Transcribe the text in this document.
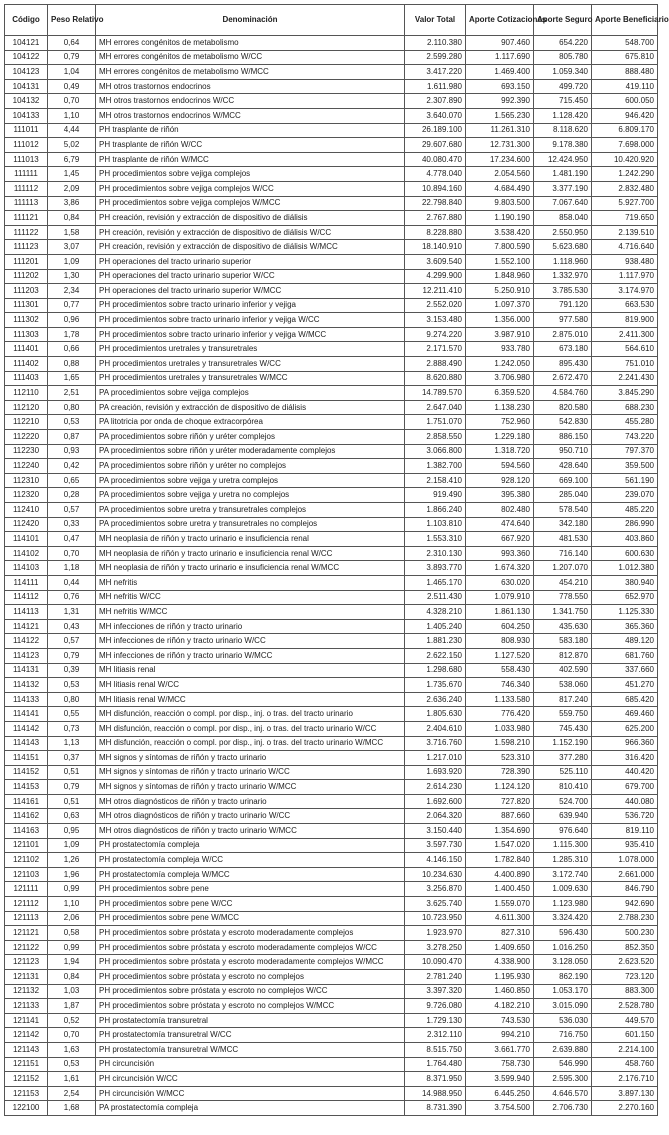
Código	Peso Relativo	Denominación	Valor Total	Aporte Cotizaciones	Aporte Seguro	Aporte Beneficiario
104121	0,64	MH errores congénitos de metabolismo	2.110.380	907.460	654.220	548.700
104122	0,79	MH errores congénitos de metabolismo W/CC	2.599.280	1.117.690	805.780	675.810
104123	1,04	MH errores congénitos de metabolismo W/MCC	3.417.220	1.469.400	1.059.340	888.480
104131	0,49	MH otros trastornos endocrinos	1.611.980	693.150	499.720	419.110
104132	0,70	MH otros trastornos endocrinos W/CC	2.307.890	992.390	715.450	600.050
104133	1,10	MH otros trastornos endocrinos W/MCC	3.640.070	1.565.230	1.128.420	946.420
111011	4,44	PH trasplante de riñón	26.189.100	11.261.310	8.118.620	6.809.170
111012	5,02	PH trasplante de riñón W/CC	29.607.680	12.731.300	9.178.380	7.698.000
111013	6,79	PH trasplante de riñón W/MCC	40.080.470	17.234.600	12.424.950	10.420.920
111111	1,45	PH procedimientos sobre vejiga complejos	4.778.040	2.054.560	1.481.190	1.242.290
111112	2,09	PH procedimientos sobre vejiga complejos W/CC	10.894.160	4.684.490	3.377.190	2.832.480
111113	3,86	PH procedimientos sobre vejiga complejos W/MCC	22.798.840	9.803.500	7.067.640	5.927.700
111121	0,84	PH creación, revisión y extracción de dispositivo de diálisis	2.767.880	1.190.190	858.040	719.650
111122	1,58	PH creación, revisión y extracción de dispositivo de diálisis W/CC	8.228.880	3.538.420	2.550.950	2.139.510
111123	3,07	PH creación, revisión y extracción de dispositivo de diálisis W/MCC	18.140.910	7.800.590	5.623.680	4.716.640
111201	1,09	PH operaciones del tracto urinario superior	3.609.540	1.552.100	1.118.960	938.480
111202	1,30	PH operaciones del tracto urinario superior W/CC	4.299.900	1.848.960	1.332.970	1.117.970
111203	2,34	PH operaciones del tracto urinario superior W/MCC	12.211.410	5.250.910	3.785.530	3.174.970
111301	0,77	PH procedimientos sobre tracto urinario inferior y vejiga	2.552.020	1.097.370	791.120	663.530
111302	0,96	PH procedimientos sobre tracto urinario inferior y vejiga W/CC	3.153.480	1.356.000	977.580	819.900
111303	1,78	PH procedimientos sobre tracto urinario inferior y vejiga W/MCC	9.274.220	3.987.910	2.875.010	2.411.300
111401	0,66	PH procedimientos uretrales y transuretrales	2.171.570	933.780	673.180	564.610
111402	0,88	PH procedimientos uretrales y transuretrales W/CC	2.888.490	1.242.050	895.430	751.010
111403	1,65	PH procedimientos uretrales y transuretrales W/MCC	8.620.880	3.706.980	2.672.470	2.241.430
112110	2,51	PA procedimientos sobre vejiga complejos	14.789.570	6.359.520	4.584.760	3.845.290
112120	0,80	PA creación, revisión y extracción de dispositivo de diálisis	2.647.040	1.138.230	820.580	688.230
112210	0,53	PA litotricia por onda de choque extracorpórea	1.751.070	752.960	542.830	455.280
112220	0,87	PA procedimientos sobre riñón y uréter complejos	2.858.550	1.229.180	886.150	743.220
112230	0,93	PA procedimientos sobre riñón y uréter moderadamente complejos	3.066.800	1.318.720	950.710	797.370
112240	0,42	PA procedimientos sobre riñón y uréter no complejos	1.382.700	594.560	428.640	359.500
112310	0,65	PA procedimientos sobre vejiga y uretra complejos	2.158.410	928.120	669.100	561.190
112320	0,28	PA procedimientos sobre vejiga y uretra no complejos	919.490	395.380	285.040	239.070
112410	0,57	PA procedimientos sobre uretra y transuretrales complejos	1.866.240	802.480	578.540	485.220
112420	0,33	PA procedimientos sobre uretra y transuretrales no complejos	1.103.810	474.640	342.180	286.990
114101	0,47	MH neoplasia de riñón y tracto urinario e insuficiencia renal	1.553.310	667.920	481.530	403.860
114102	0,70	MH neoplasia de riñón y tracto urinario e insuficiencia renal W/CC	2.310.130	993.360	716.140	600.630
114103	1,18	MH neoplasia de riñón y tracto urinario e insuficiencia renal W/MCC	3.893.770	1.674.320	1.207.070	1.012.380
114111	0,44	MH nefritis	1.465.170	630.020	454.210	380.940
114112	0,76	MH nefritis W/CC	2.511.430	1.079.910	778.550	652.970
114113	1,31	MH nefritis W/MCC	4.328.210	1.861.130	1.341.750	1.125.330
114121	0,43	MH infecciones de riñón y tracto urinario	1.405.240	604.250	435.630	365.360
114122	0,57	MH infecciones de riñón y tracto urinario W/CC	1.881.230	808.930	583.180	489.120
114123	0,79	MH infecciones de riñón y tracto urinario W/MCC	2.622.150	1.127.520	812.870	681.760
114131	0,39	MH litiasis renal	1.298.680	558.430	402.590	337.660
114132	0,53	MH litiasis renal W/CC	1.735.670	746.340	538.060	451.270
114133	0,80	MH litiasis renal W/MCC	2.636.240	1.133.580	817.240	685.420
114141	0,55	MH disfunción, reacción o compl. por disp., inj. o tras. del tracto urinario	1.805.630	776.420	559.750	469.460
114142	0,73	MH disfunción, reacción o compl. por disp., inj. o tras. del tracto urinario W/CC	2.404.610	1.033.980	745.430	625.200
114143	1,13	MH disfunción, reacción o compl. por disp., inj. o tras. del tracto urinario W/MCC	3.716.760	1.598.210	1.152.190	966.360
114151	0,37	MH signos y síntomas de riñón y tracto urinario	1.217.010	523.310	377.280	316.420
114152	0,51	MH signos y síntomas de riñón y tracto urinario W/CC	1.693.920	728.390	525.110	440.420
114153	0,79	MH signos y síntomas de riñón y tracto urinario W/MCC	2.614.230	1.124.120	810.410	679.700
114161	0,51	MH otros diagnósticos de riñón y tracto urinario	1.692.600	727.820	524.700	440.080
114162	0,63	MH otros diagnósticos de riñón y tracto urinario W/CC	2.064.320	887.660	639.940	536.720
114163	0,95	MH otros diagnósticos de riñón y tracto urinario W/MCC	3.150.440	1.354.690	976.640	819.110
121101	1,09	PH prostatectomía compleja	3.597.730	1.547.020	1.115.300	935.410
121102	1,26	PH prostatectomía compleja W/CC	4.146.150	1.782.840	1.285.310	1.078.000
121103	1,96	PH prostatectomía compleja W/MCC	10.234.630	4.400.890	3.172.740	2.661.000
121111	0,99	PH procedimientos sobre pene	3.256.870	1.400.450	1.009.630	846.790
121112	1,10	PH procedimientos sobre pene W/CC	3.625.740	1.559.070	1.123.980	942.690
121113	2,06	PH procedimientos sobre pene W/MCC	10.723.950	4.611.300	3.324.420	2.788.230
121121	0,58	PH procedimientos sobre próstata y escroto moderadamente complejos	1.923.970	827.310	596.430	500.230
121122	0,99	PH procedimientos sobre próstata y escroto moderadamente complejos W/CC	3.278.250	1.409.650	1.016.250	852.350
121123	1,94	PH procedimientos sobre próstata y escroto moderadamente complejos W/MCC	10.090.470	4.338.900	3.128.050	2.623.520
121131	0,84	PH procedimientos sobre próstata y escroto no complejos	2.781.240	1.195.930	862.190	723.120
121132	1,03	PH procedimientos sobre próstata y escroto no complejos W/CC	3.397.320	1.460.850	1.053.170	883.300
121133	1,87	PH procedimientos sobre próstata y escroto no complejos W/MCC	9.726.080	4.182.210	3.015.090	2.528.780
121141	0,52	PH prostatectomía transuretral	1.729.130	743.530	536.030	449.570
121142	0,70	PH prostatectomía transuretral W/CC	2.312.110	994.210	716.750	601.150
121143	1,63	PH prostatectomía transuretral W/MCC	8.515.750	3.661.770	2.639.880	2.214.100
121151	0,53	PH circuncisión	1.764.480	758.730	546.990	458.760
121152	1,61	PH circuncisión W/CC	8.371.950	3.599.940	2.595.300	2.176.710
121153	2,54	PH circuncisión W/MCC	14.988.950	6.445.250	4.646.570	3.897.130
122100	1,68	PA prostatectomía compleja	8.731.390	3.754.500	2.706.730	2.270.160
